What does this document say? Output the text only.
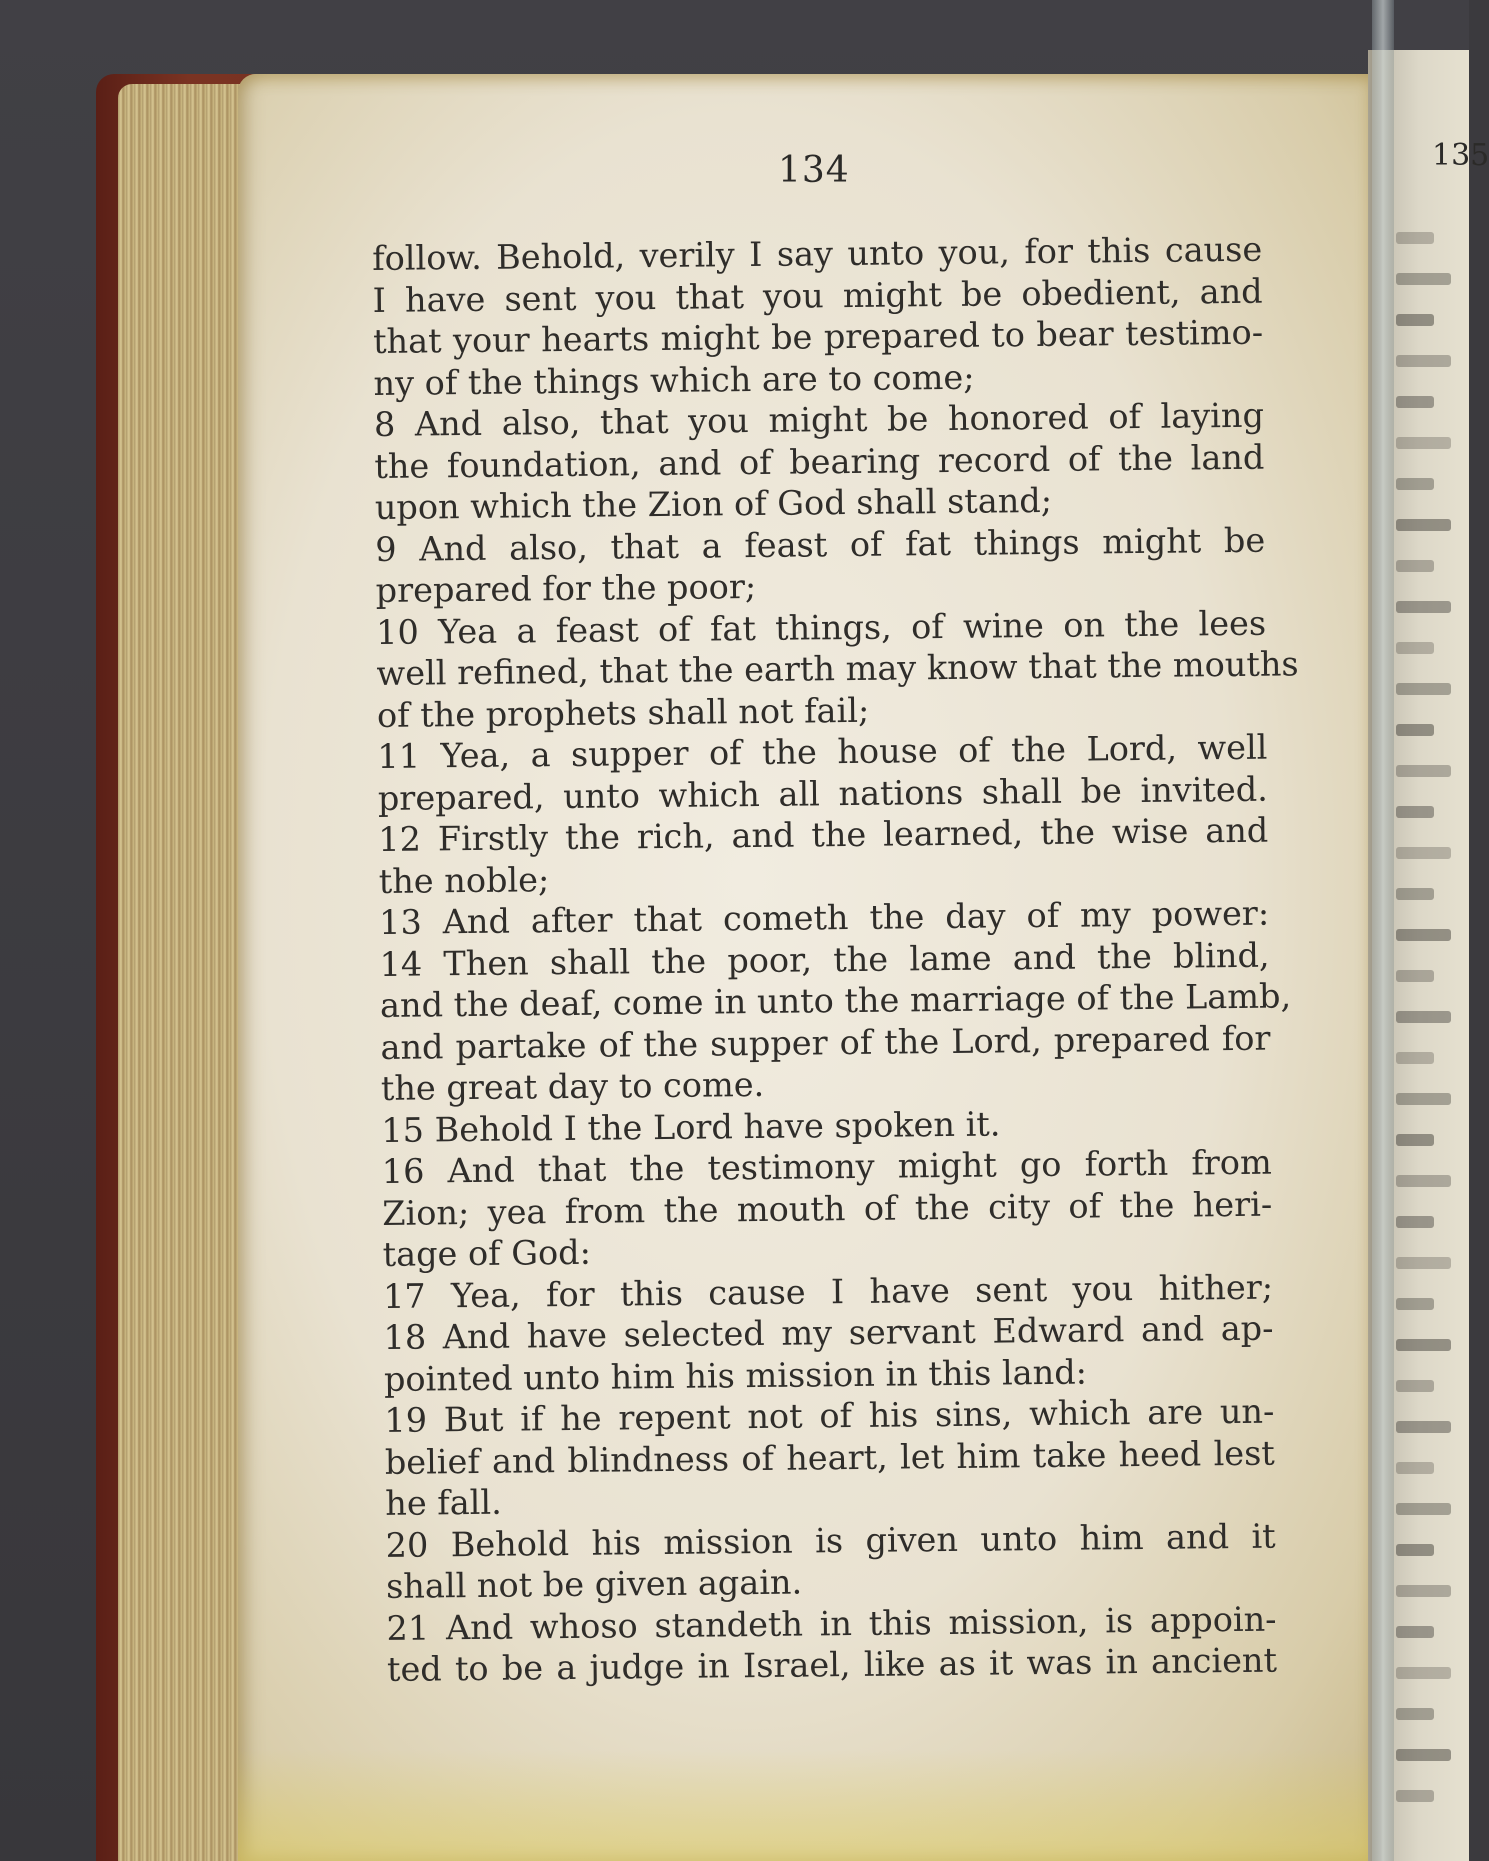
135
134
follow. Behold, verily I say unto you, for this cause
I have sent you that you might be obedient, and
that your hearts might be prepared to bear testimo-
ny of the things which are to come;
8 And also, that you might be honored of laying
the foundation, and of bearing record of the land
upon which the Zion of God shall stand;
9 And also, that a feast of fat things might be
prepared for the poor;
10 Yea a feast of fat things, of wine on the lees
well refined, that the earth may know that the mouths
of the prophets shall not fail;
11 Yea, a supper of the house of the Lord, well
prepared, unto which all nations shall be invited.
12 Firstly the rich, and the learned, the wise and
the noble;
13 And after that cometh the day of my power:
14 Then shall the poor, the lame and the blind,
and the deaf, come in unto the marriage of the Lamb,
and partake of the supper of the Lord, prepared for
the great day to come.
15 Behold I the Lord have spoken it.
16 And that the testimony might go forth from
Zion; yea from the mouth of the city of the heri-
tage of God:
17 Yea, for this cause I have sent you hither;
18 And have selected my servant Edward and ap-
pointed unto him his mission in this land:
19 But if he repent not of his sins, which are un-
belief and blindness of heart, let him take heed lest
he fall.
20 Behold his mission is given unto him and it
shall not be given again.
21 And whoso standeth in this mission, is appoin-
ted to be a judge in Israel, like as it was in ancient
